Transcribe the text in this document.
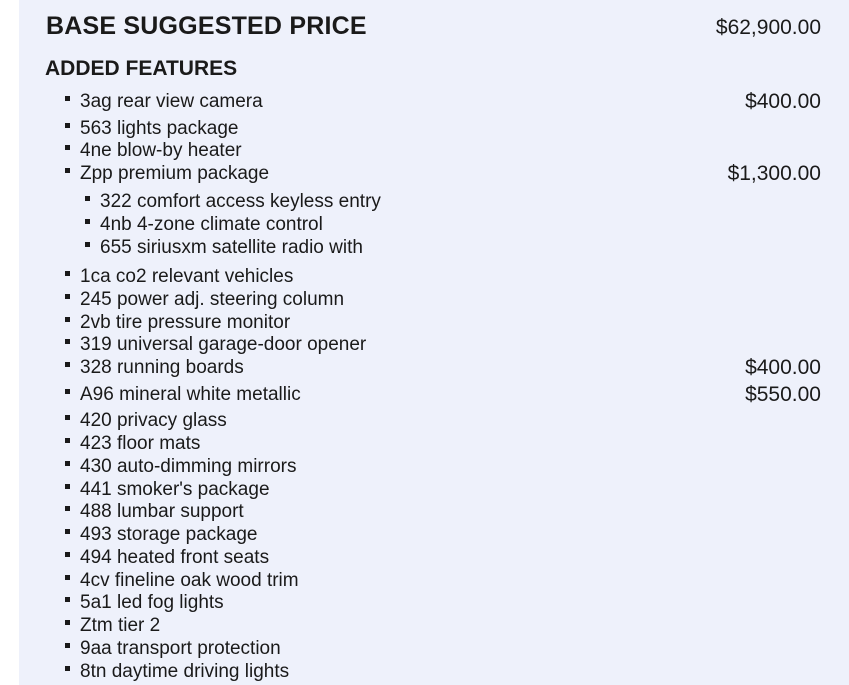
BASE SUGGESTED PRICE	$62,900.00
ADDED FEATURES
3ag rear view camera	$400.00
563 lights package
4ne blow-by heater
Zpp premium package	$1,300.00
322 comfort access keyless entry
4nb 4-zone climate control
655 siriusxm satellite radio with
1ca co2 relevant vehicles
245 power adj. steering column
2vb tire pressure monitor
319 universal garage-door opener
328 running boards	$400.00
A96 mineral white metallic	$550.00
420 privacy glass
423 floor mats
430 auto-dimming mirrors
441 smoker's package
488 lumbar support
493 storage package
494 heated front seats
4cv fineline oak wood trim
5a1 led fog lights
Ztm tier 2
9aa transport protection
8tn daytime driving lights
